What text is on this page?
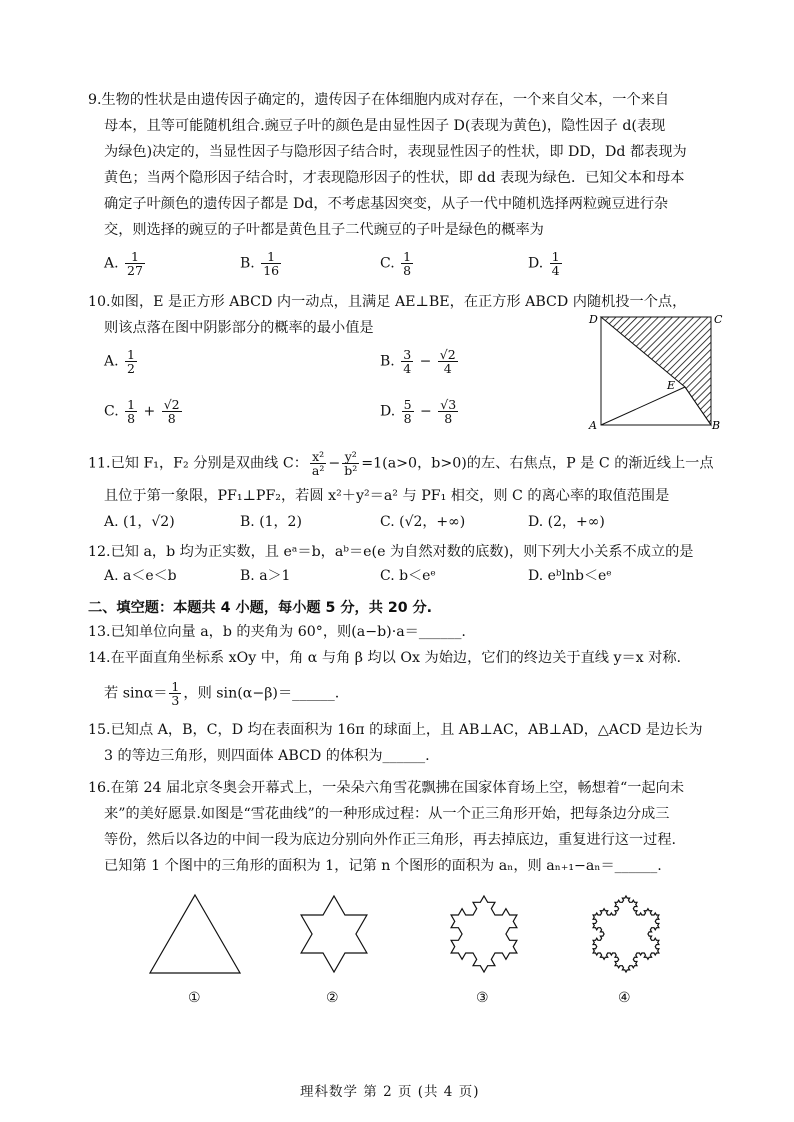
9.生物的性状是由遗传因子确定的，遗传因子在体细胞内成对存在，一个来自父本，一个来自
母本，且等可能随机组合.豌豆子叶的颜色是由显性因子 D(表现为黄色)，隐性因子 d(表现
为绿色)决定的，当显性因子与隐形因子结合时，表现显性因子的性状，即 DD，Dd 都表现为
黄色；当两个隐形因子结合时，才表现隐形因子的性状，即 dd 表现为绿色．已知父本和母本
确定子叶颜色的遗传因子都是 Dd，不考虑基因突变，从子一代中随机选择两粒豌豆进行杂
交，则选择的豌豆的子叶都是黄色且子二代豌豆的子叶是绿色的概率为
A. $\frac{1}{27}$	B. $\frac{1}{16}$	C. $\frac{1}{8}$	D. $\frac{1}{4}$
10.如图，E 是正方形 ABCD 内一动点，且满足 AE⊥BE，在正方形 ABCD 内随机投一个点，
则该点落在图中阴影部分的概率的最小值是
A. $\frac{1}{2}$	B. $\frac{3}{4} - \frac{√2}{4}$
C. $\frac{1}{8} + \frac{√2}{8}$	D. $\frac{5}{8} - \frac{√3}{8}$
D	C
A	B
E
11.已知 F₁，F₂ 分别是双曲线 C： $\frac{\text{x²}}{\text{a²}} - \frac{\text{y²}}{\text{b²}} =1(a>0$，b>0)的左、右焦点，P 是 C 的渐近线上一点
且位于第一象限，PF₁⊥PF₂，若圆 x²＋y²＝a² 与 PF₁ 相交，则 C 的离心率的取值范围是
A. (1，√2)	B. (1，2)	C. (√2，+∞)	D. (2，+∞)
12.已知 a，b 均为正实数，且 eᵃ＝b，aᵇ＝e(e 为自然对数的底数)，则下列大小关系不成立的是
A. a＜e＜b	B. a＞1	C. b＜eᵉ	D. eᵇlnb＜eᵉ
二、填空题：本题共 4 小题，每小题 5 分，共 20 分.
13.已知单位向量 a，b 的夹角为 60°，则(a−b)·a＝______.
14.在平面直角坐标系 xOy 中，角 α 与角 β 均以 Ox 为始边，它们的终边关于直线 y＝x 对称.
若 $\sin\alpha= \frac{1}{3}$ ，则 sin(α−β)＝______.
15.已知点 A，B，C，D 均在表面积为 16π 的球面上，且 AB⊥AC，AB⊥AD，△ACD 是边长为
3 的等边三角形，则四面体 ABCD 的体积为______.
16.在第 24 届北京冬奥会开幕式上，一朵朵六角雪花飘拂在国家体育场上空，畅想着“一起向未
来”的美好愿景.如图是“雪花曲线”的一种形成过程：从一个正三角形开始，把每条边分成三
等份，然后以各边的中间一段为底边分别向外作正三角形，再去掉底边，重复进行这一过程.
已知第 1 个图中的三角形的面积为 1，记第 n 个图形的面积为 aₙ，则 aₙ₊₁−aₙ＝______.
①	②	③	④
理科数学 第 2 页 (共 4 页)
